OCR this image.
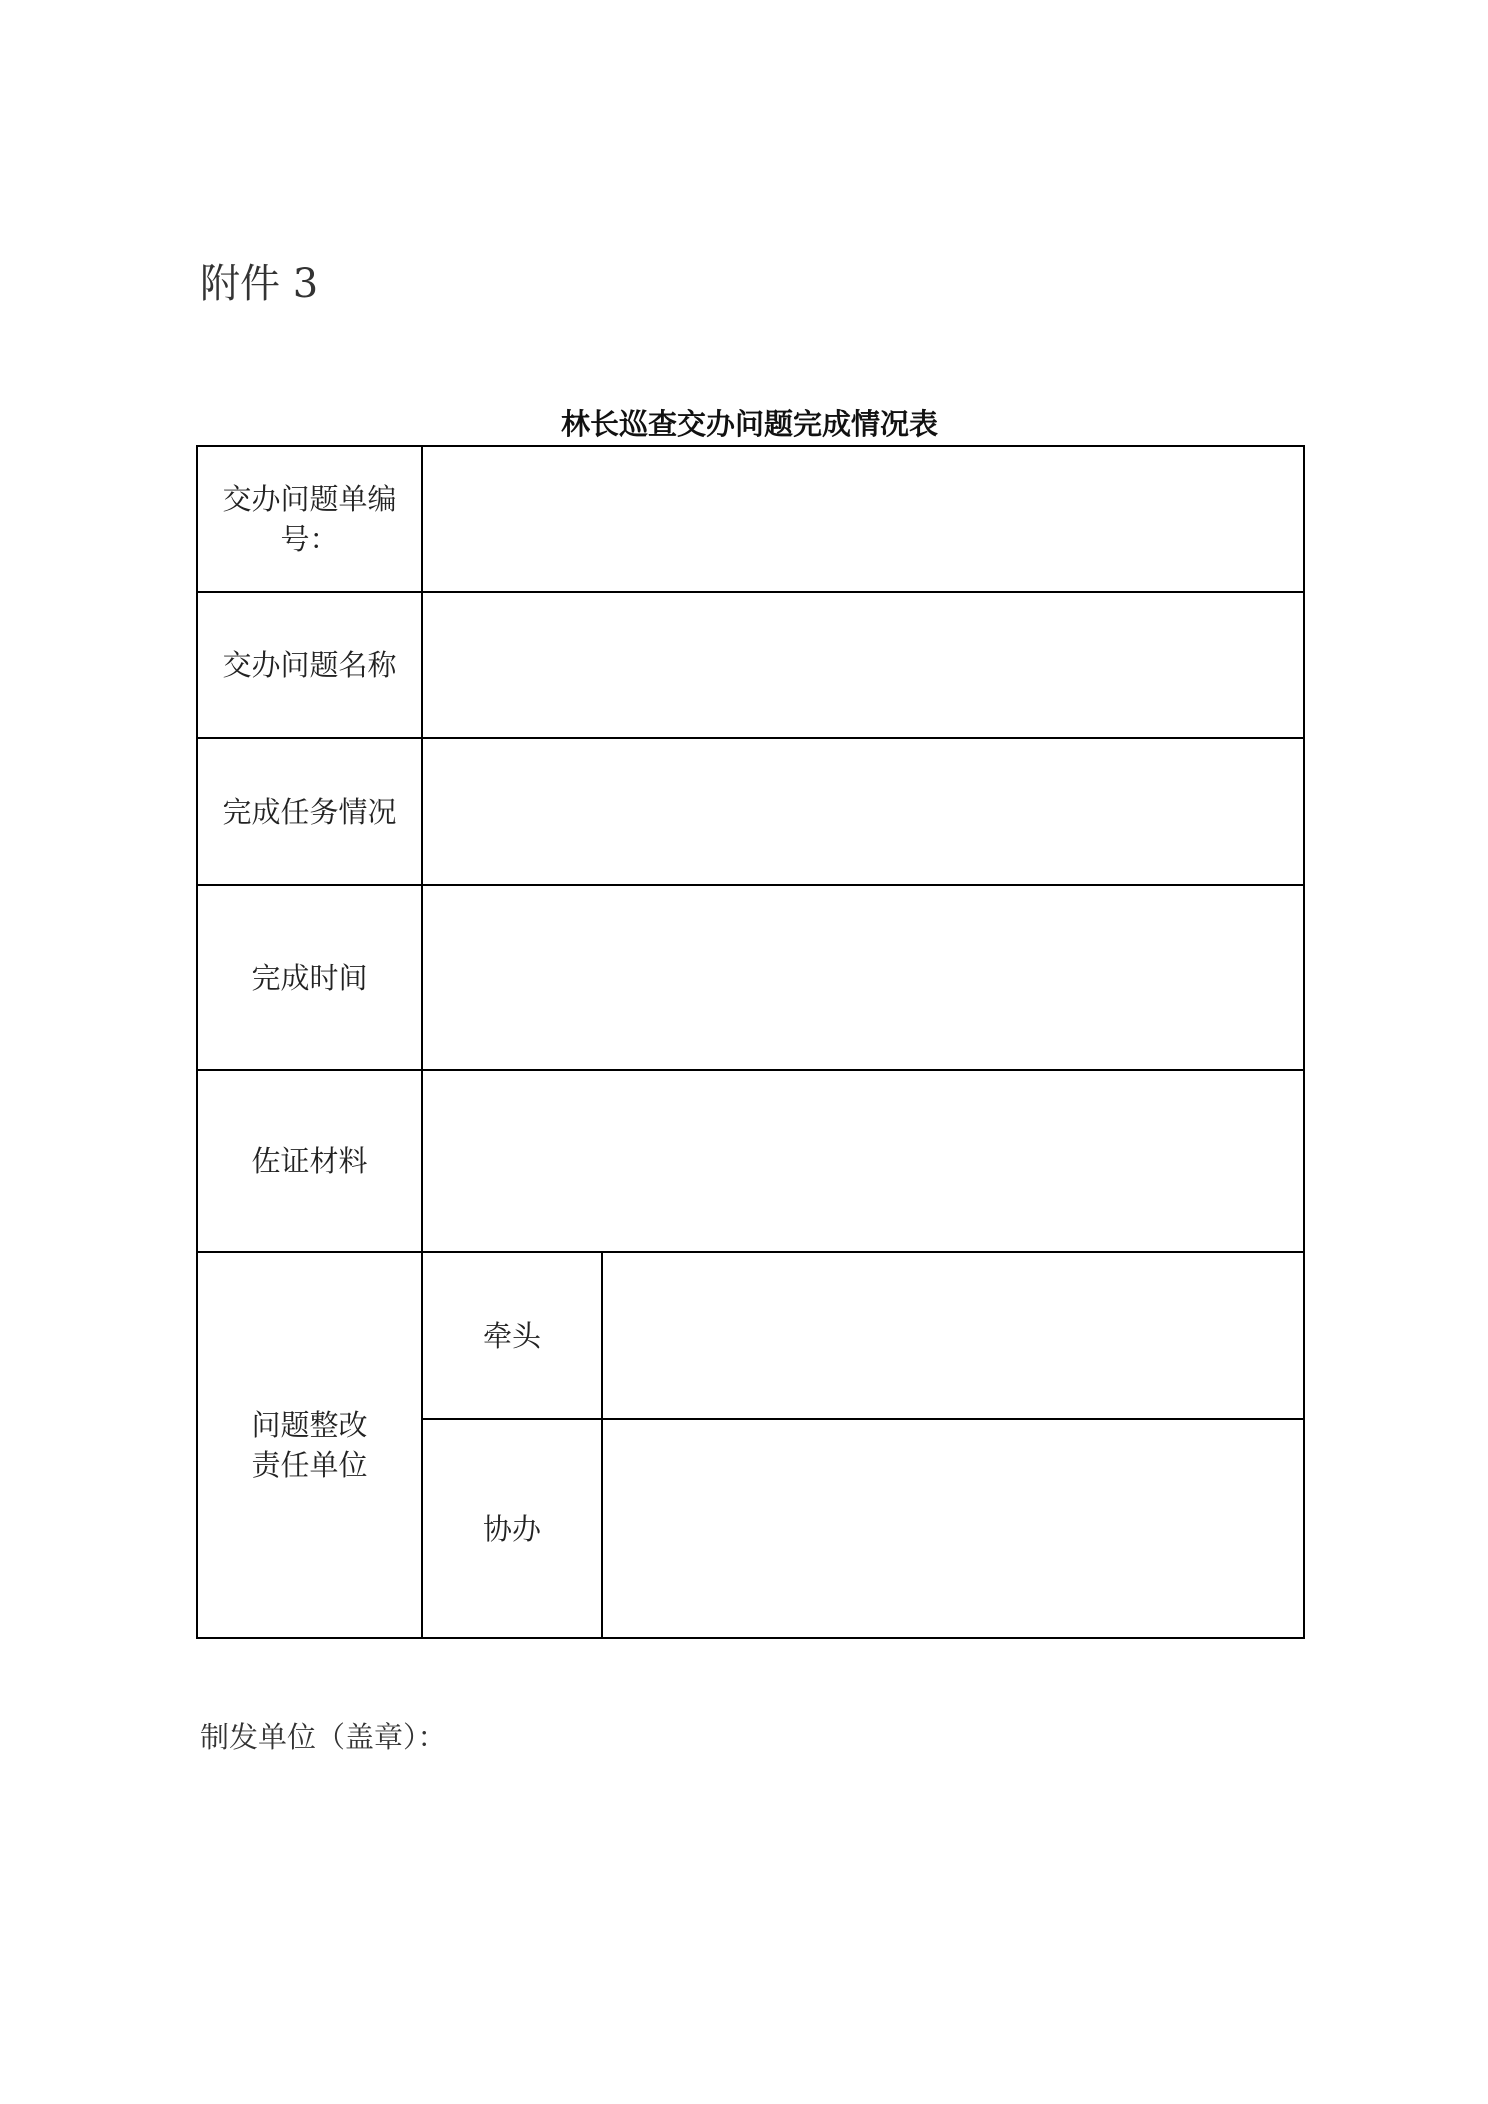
附件 3
林长巡查交办问题完成情况表
交办问题单编号：		
交办问题名称		
完成任务情况		
完成时间		
佐证材料		
问题整改责任单位	牵头	
	协办	
制发单位（盖章）：
